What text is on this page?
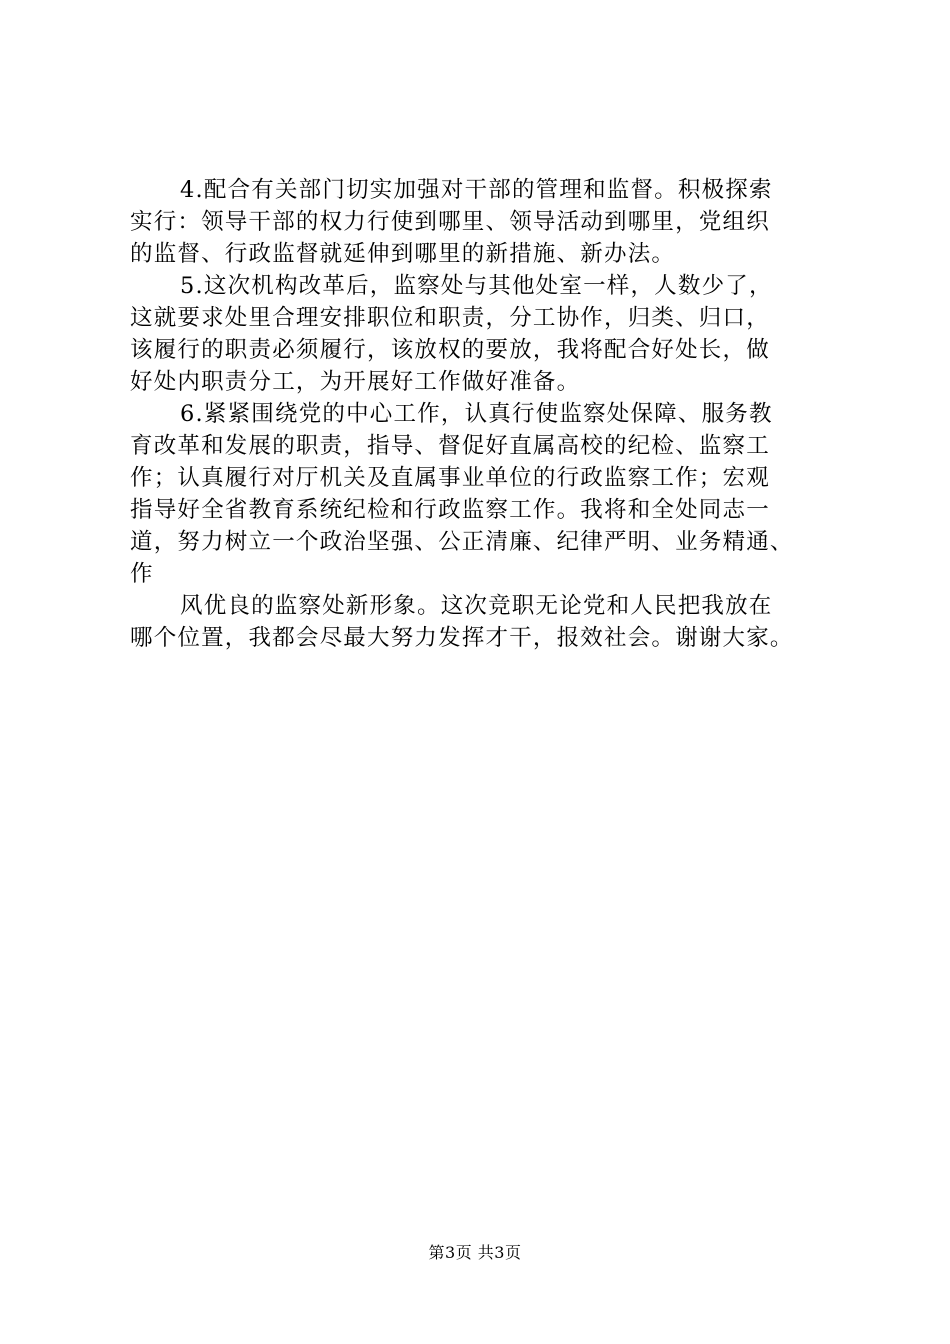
4.配合有关部门切实加强对干部的管理和监督。积极探索
实行：领导干部的权力行使到哪里、领导活动到哪里，党组织
的监督、行政监督就延伸到哪里的新措施、新办法。
5.这次机构改革后，监察处与其他处室一样，人数少了，
这就要求处里合理安排职位和职责，分工协作，归类、归口，
该履行的职责必须履行，该放权的要放，我将配合好处长，做
好处内职责分工，为开展好工作做好准备。
6.紧紧围绕党的中心工作，认真行使监察处保障、服务教
育改革和发展的职责，指导、督促好直属高校的纪检、监察工
作；认真履行对厅机关及直属事业单位的行政监察工作；宏观
指导好全省教育系统纪检和行政监察工作。我将和全处同志一
道，努力树立一个政治坚强、公正清廉、纪律严明、业务精通、
作
风优良的监察处新形象。这次竞职无论党和人民把我放在
哪个位置，我都会尽最大努力发挥才干，报效社会。谢谢大家。
第3页 共3页
